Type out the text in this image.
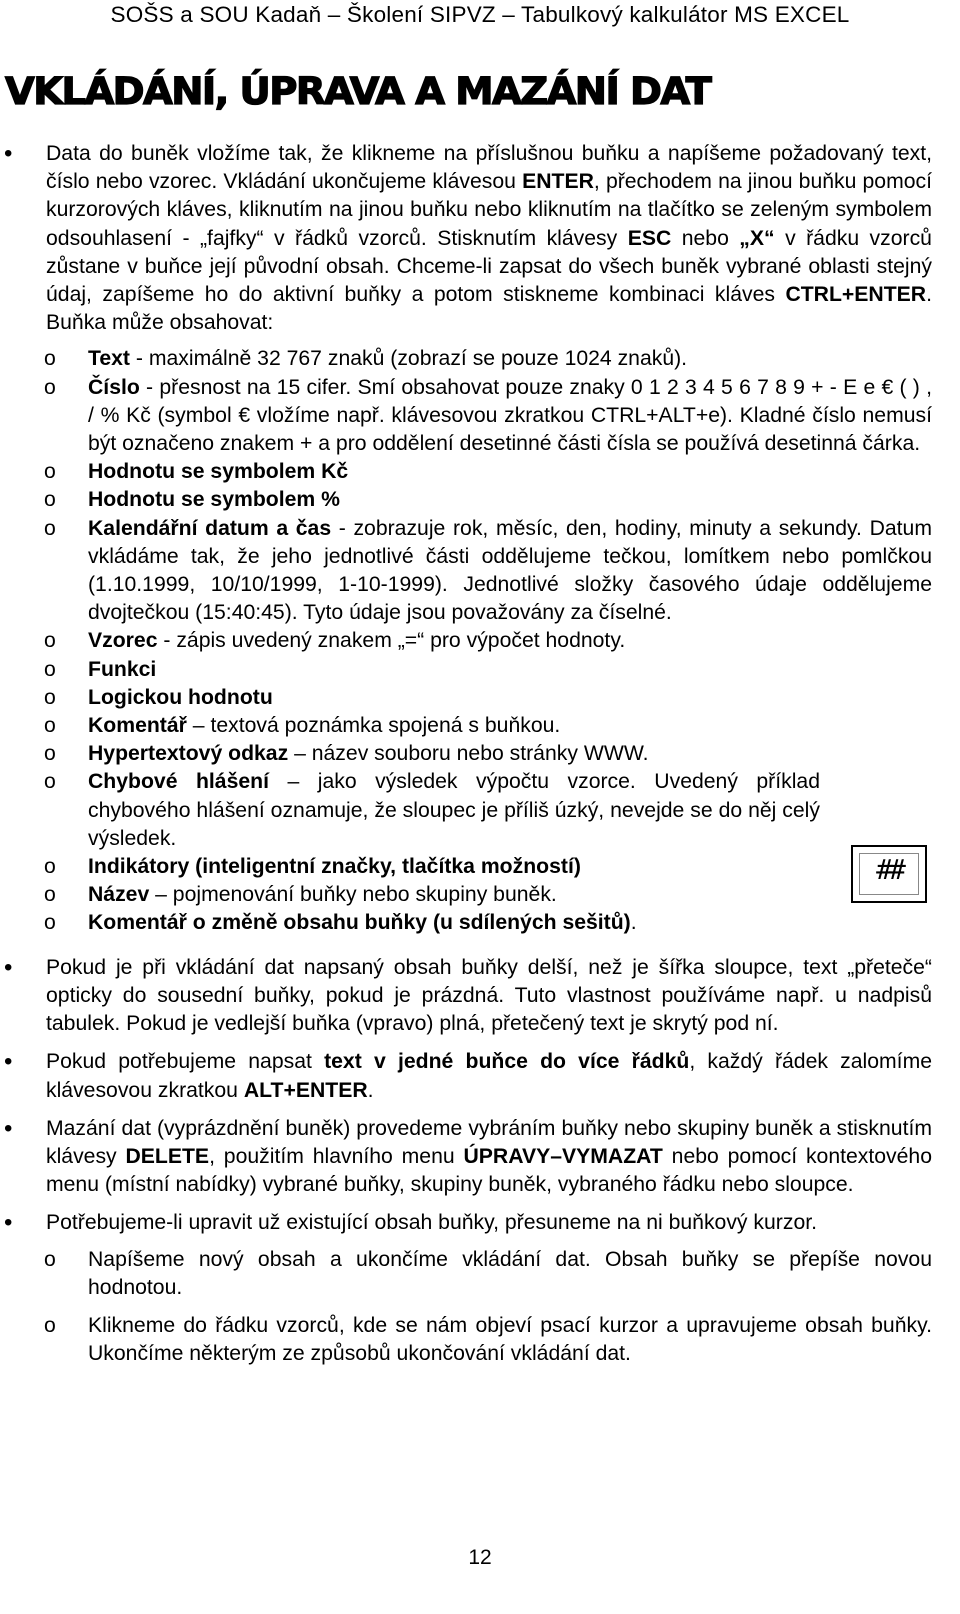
SOŠS a SOU Kadaň – Školení SIPVZ – Tabulkový kalkulátor MS EXCEL
VKLÁDÁNÍ, ÚPRAVA A MAZÁNÍ DAT
• Data do buněk vložíme tak, že klikneme na příslušnou buňku a napíšeme požadovaný text, číslo nebo vzorec. Vkládání ukončujeme klávesou ENTER, přechodem na jinou buňku pomocí kurzorových kláves, kliknutím na jinou buňku nebo kliknutím na tlačítko se zeleným symbolem odsouhlasení - „fajfky“ v řádků vzorců. Stisknutím klávesy ESC nebo „X“ v řádku vzorců zůstane v buňce její původní obsah. Chceme-li zapsat do všech buněk vybrané oblasti stejný údaj, zapíšeme ho do aktivní buňky a potom stiskneme kombinaci kláves CTRL+ENTER. Buňka může obsahovat:
o Text - maximálně 32 767 znaků (zobrazí se pouze 1024 znaků).
o Číslo - přesnost na 15 cifer. Smí obsahovat pouze znaky 0 1 2 3 4 5 6 7 8 9 + - E e € ( ) , / % Kč (symbol € vložíme např. klávesovou zkratkou CTRL+ALT+e). Kladné číslo nemusí být označeno znakem + a pro oddělení desetinné části čísla se používá desetinná čárka.
o Hodnotu se symbolem Kč
o Hodnotu se symbolem %
o Kalendářní datum a čas - zobrazuje rok, měsíc, den, hodiny, minuty a sekundy. Datum vkládáme tak, že jeho jednotlivé části oddělujeme tečkou, lomítkem nebo pomlčkou (1.10.1999, 10/10/1999, 1-10-1999). Jednotlivé složky časového údaje oddělujeme dvojtečkou (15:40:45). Tyto údaje jsou považovány za číselné.
o Vzorec - zápis uvedený znakem „=“ pro výpočet hodnoty.
o Funkci
o Logickou hodnotu
o Komentář – textová poznámka spojená s buňkou.
o Hypertextový odkaz – název souboru nebo stránky WWW.
o Chybové hlášení – jako výsledek výpočtu vzorce. Uvedený příklad chybového hlášení oznamuje, že sloupec je příliš úzký, nevejde se do něj celý výsledek.
o Indikátory (inteligentní značky, tlačítka možností)
o Název – pojmenování buňky nebo skupiny buněk.
o Komentář o změně obsahu buňky (u sdílených sešitů).
• Pokud je při vkládání dat napsaný obsah buňky delší, než je šířka sloupce, text „přeteče“ opticky do sousední buňky, pokud je prázdná. Tuto vlastnost používáme např. u nadpisů tabulek. Pokud je vedlejší buňka (vpravo) plná, přetečený text je skrytý pod ní.
• Pokud potřebujeme napsat text v jedné buňce do více řádků, každý řádek zalomíme klávesovou zkratkou ALT+ENTER.
• Mazání dat (vyprázdnění buněk) provedeme vybráním buňky nebo skupiny buněk a stisknutím klávesy DELETE, použitím hlavního menu ÚPRAVY–VYMAZAT nebo pomocí kontextového menu (místní nabídky) vybrané buňky, skupiny buněk, vybraného řádku nebo sloupce.
• Potřebujeme-li upravit už existující obsah buňky, přesuneme na ni buňkový kurzor.
o Napíšeme nový obsah a ukončíme vkládání dat. Obsah buňky se přepíše novou hodnotou.
o Klikneme do řádku vzorců, kde se nám objeví psací kurzor a upravujeme obsah buňky. Ukončíme některým ze způsobů ukončování vkládání dat.
##
12
